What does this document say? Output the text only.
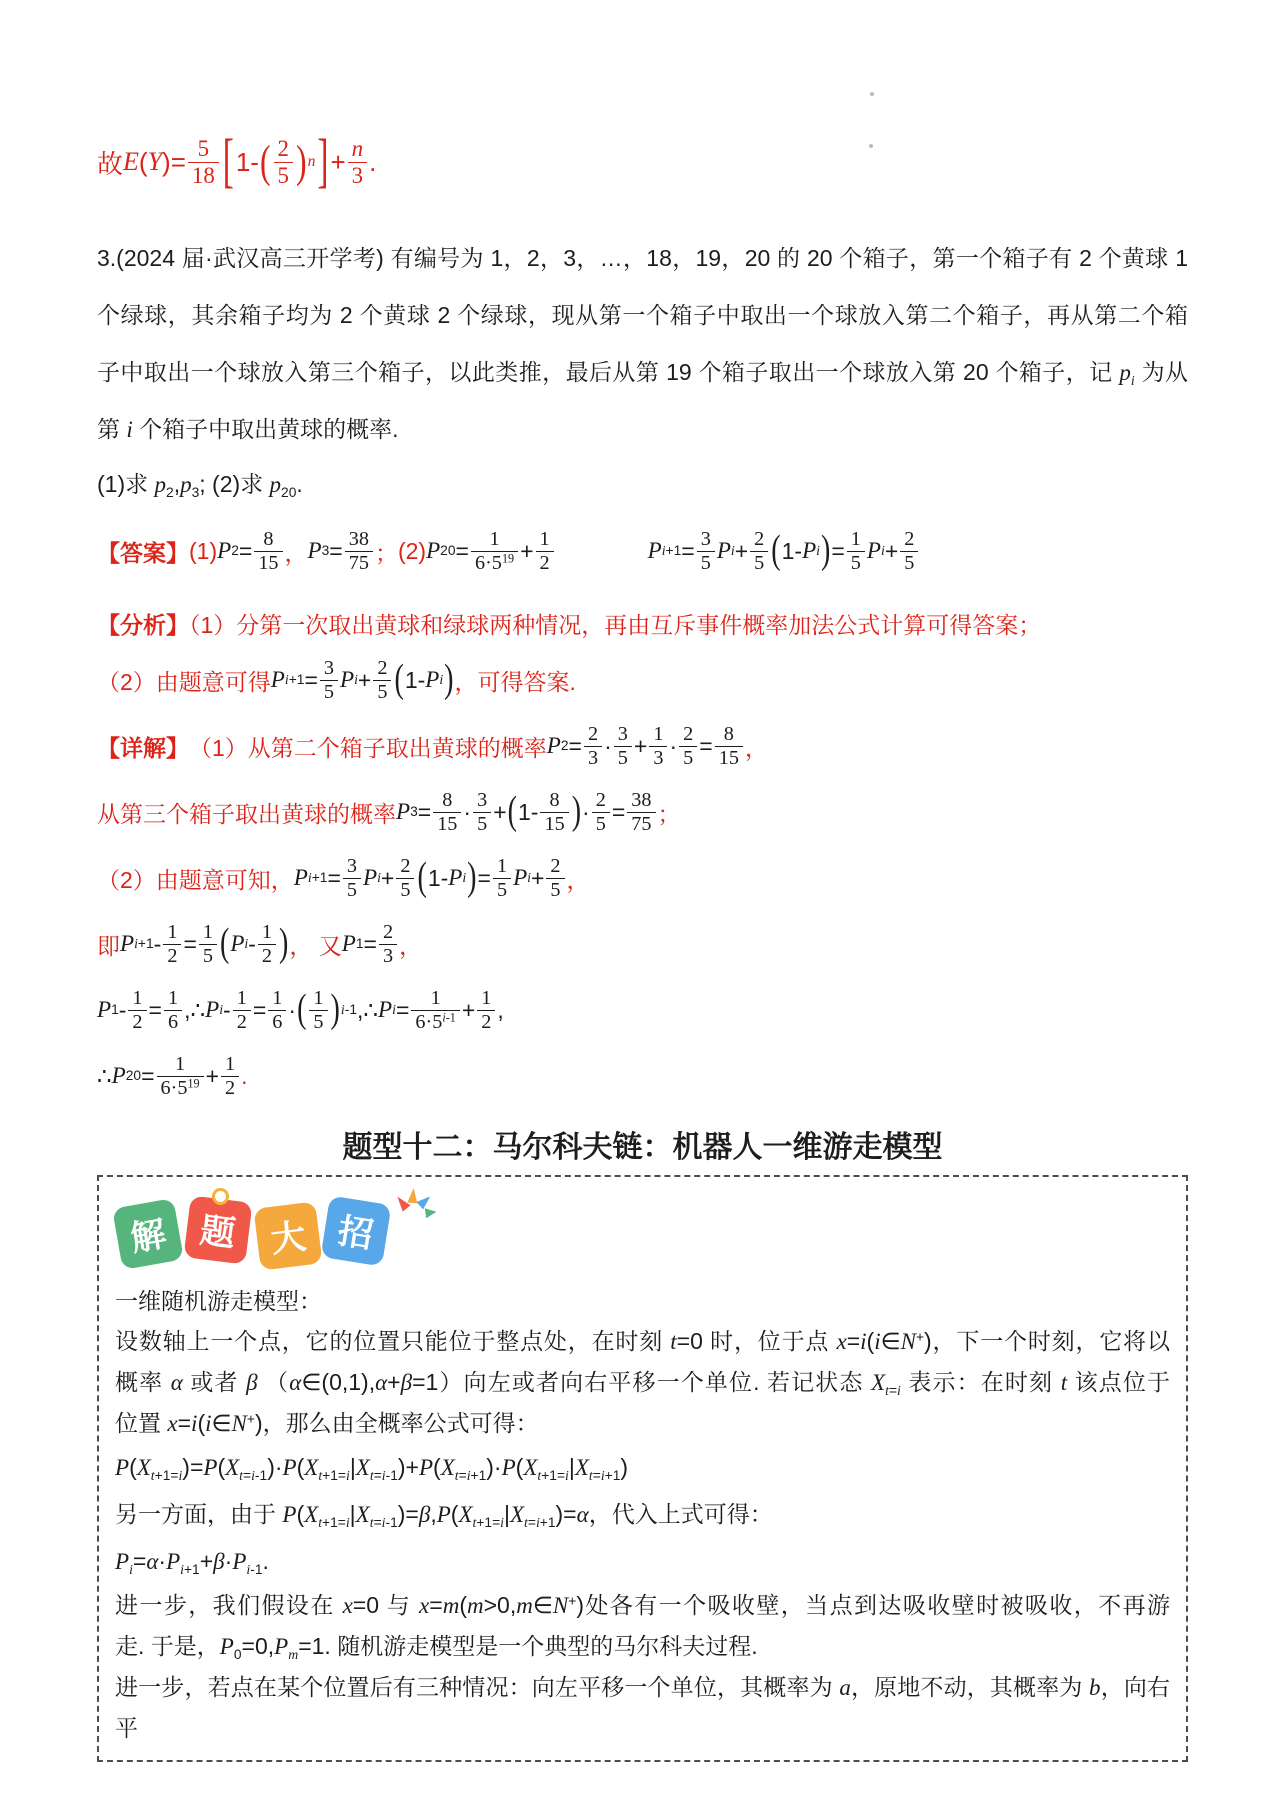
故 E ( Y )= 5
18 [ 1- ( 2
5 ) n ] + n
3 .

3.(2024 届·武汉高三开学考) 有编号为 1，2，3，…，18，19，20 的 20 个箱子，第一个箱子有 2 个黄球 1

个绿球，其余箱子均为 2 个黄球 2 个绿球，现从第一个箱子中取出一个球放入第二个箱子，再从第二个箱

子中取出一个球放入第三个箱子，以此类推，最后从第 19 个箱子取出一个球放入第 20 个箱子，记 $p_i$ 为从

第 i 个箱子中取出黄球的概率.

(1)求 $p_2,p_3$; (2)求 $p_{20}$.

【答案】 (1) P 2 = 8
15 ， P 3 = 38
75 ； (2) P 20 =	1
$6\cdot 5^{19} + 1$
2	P i+1 = 3
5 P i + 2
5 ( 1- P i ) = 1
5 P i + 2
5

【分析】（1）分第一次取出黄球和绿球两种情况，再由互斥事件概率加法公式计算可得答案；

（2）由题意可得 P i+1 = 3
5 P i + 2
5 ( 1- P i ) ，可得答案.
【详解】 （1）从第二个箱子取出黄球的概率 P 2 = 2
3 · 3
5 + 1
3 · 2
5 = 8
15 ，
从第三个箱子取出黄球的概率 P 3 = 8
15 · 3
5 + ( 1- 8
15 ) · 2
5 = 38
75 ；
（2）由题意可知， P i+1 = 3
5 P i + 2
5 ( 1- P i ) = 1
5 P i + 2
5 ，
即 P i+1 - 1
2 = 1
5 ( P i - 1
2 ) ， 又 P 1 = 2
3 ，
P 1 - 1
2 = 1
6 ,∴ P i - 1
2 = 1
6 · ( 1
5 ) i-1 ,∴ P i =	1
$6\cdot 5^{i-1} + 1$
2 ,
∴ P 20 =	1
$6\cdot 5^{19} + 1$
2 .
题型十二：马尔科夫链：机器人一维游走模型
解 题 大 招

一维随机游走模型：

设数轴上一个点，它的位置只能位于整点处，在时刻 t=0 时，位于点 x=i(i∈N+)，下一个时刻，它将以

概率 α 或者 β （α∈(0,1),α+β=1）向左或者向右平移一个单位. 若记状态 $X_{t=i}$ 表示：在时刻 t 该点位于

位置 x=i(i∈N+)，那么由全概率公式可得：

$P(X_{t+1=i})=P(X_{t=i-1})\cdot P(X_{t+1=i}|X_{t=i-1})+P(X_{t=i+1})\cdot P(X_{t+1=i}|X_{t=i+1})$

另一方面，由于 $P(X_{t+1=i}|X_{t=i-1})=\beta,P(X_{t+1=i}|X_{t=i+1})=\alpha$，代入上式可得：

$P_i=\alpha\cdot P_{i+1}+\beta\cdot P_{i-1}$.

进一步，我们假设在 x=0 与 x=m(m>0,m∈N+)处各有一个吸收壁，当点到达吸收壁时被吸收，不再游

走. 于是，$P_0=0,P_m=1$. 随机游走模型是一个典型的马尔科夫过程.

进一步，若点在某个位置后有三种情况：向左平移一个单位，其概率为 a，原地不动，其概率为 b，向右平
